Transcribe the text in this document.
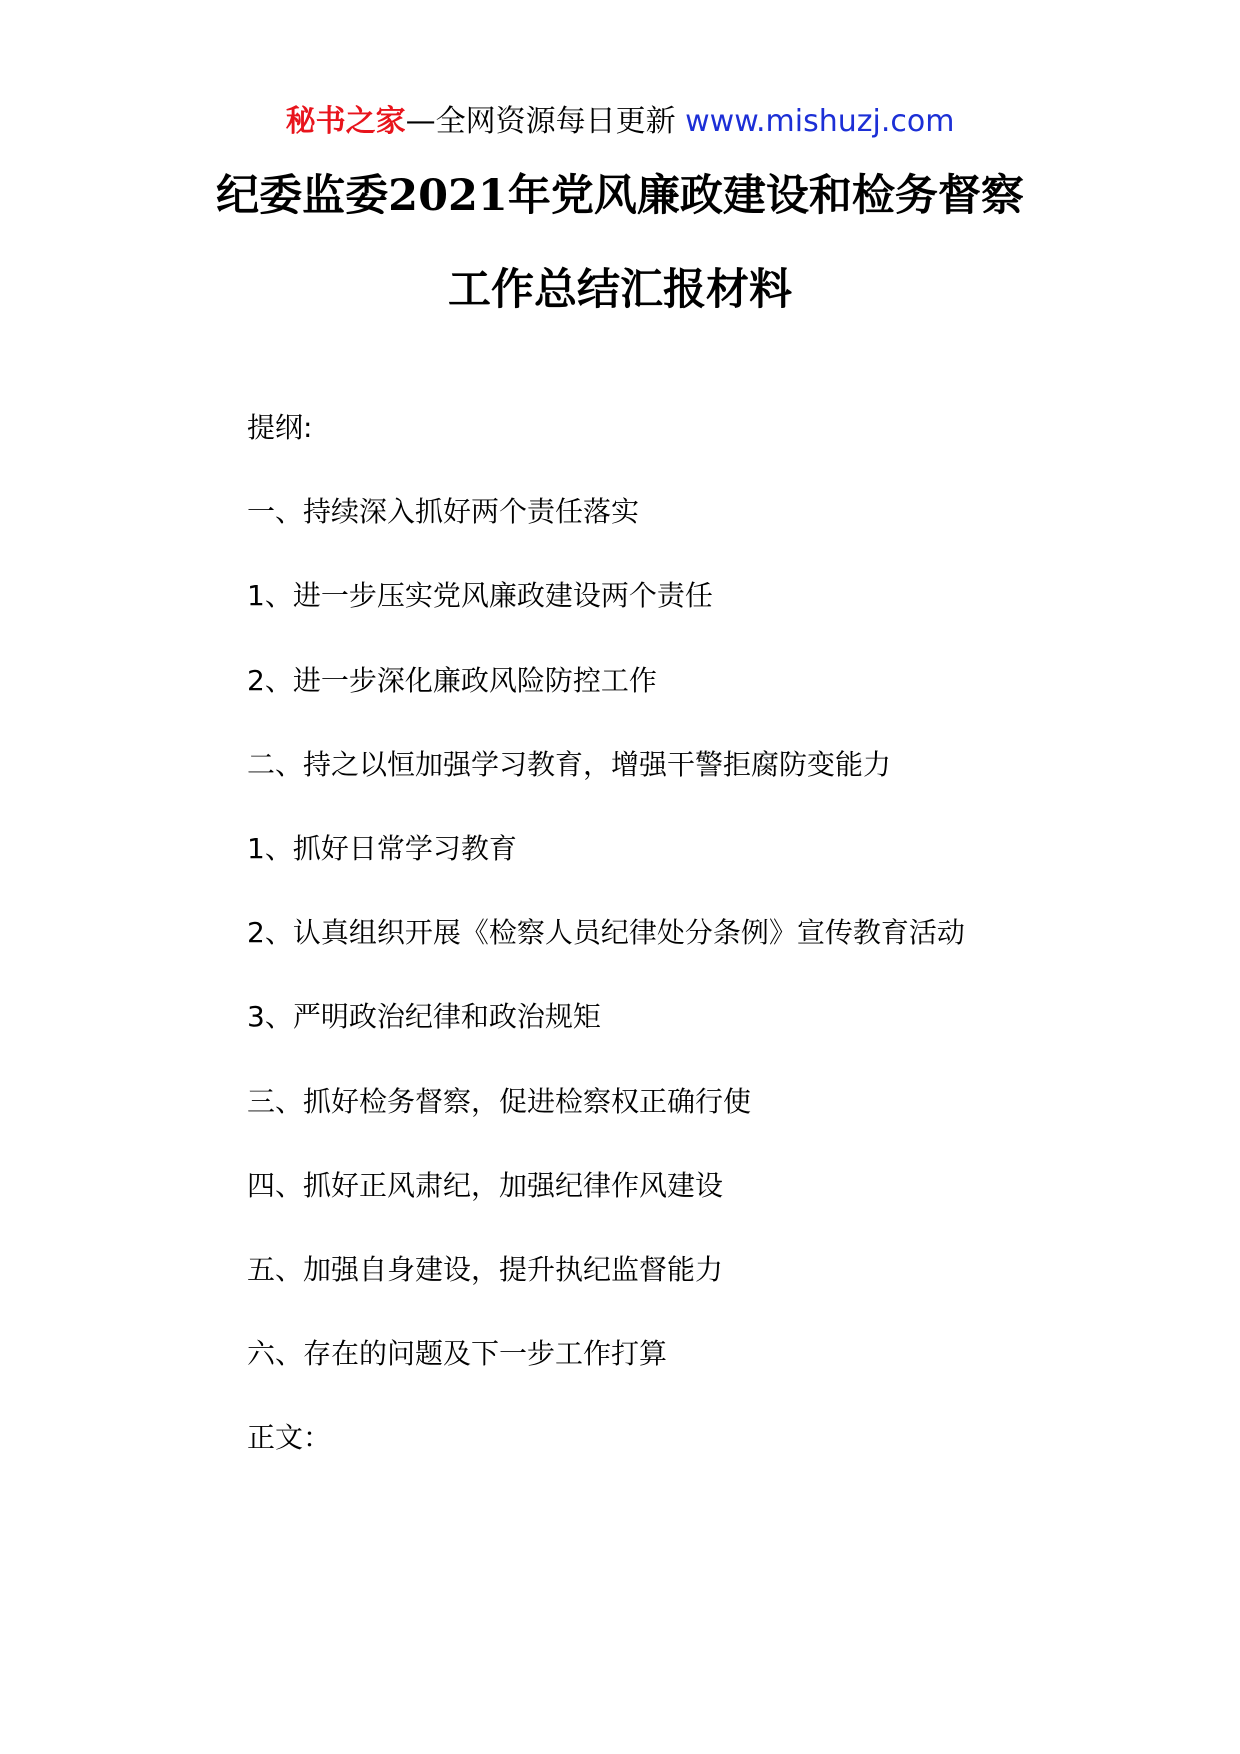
秘书之家—全网资源每日更新 www.mishuzj.com
纪委监委2021年党风廉政建设和检务督察
工作总结汇报材料
提纲:
一、持续深入抓好两个责任落实
1、进一步压实党风廉政建设两个责任
2、进一步深化廉政风险防控工作
二、持之以恒加强学习教育，增强干警拒腐防变能力
1、抓好日常学习教育
2、认真组织开展《检察人员纪律处分条例》宣传教育活动
3、严明政治纪律和政治规矩
三、抓好检务督察，促进检察权正确行使
四、抓好正风肃纪，加强纪律作风建设
五、加强自身建设，提升执纪监督能力
六、存在的问题及下一步工作打算
正文：
